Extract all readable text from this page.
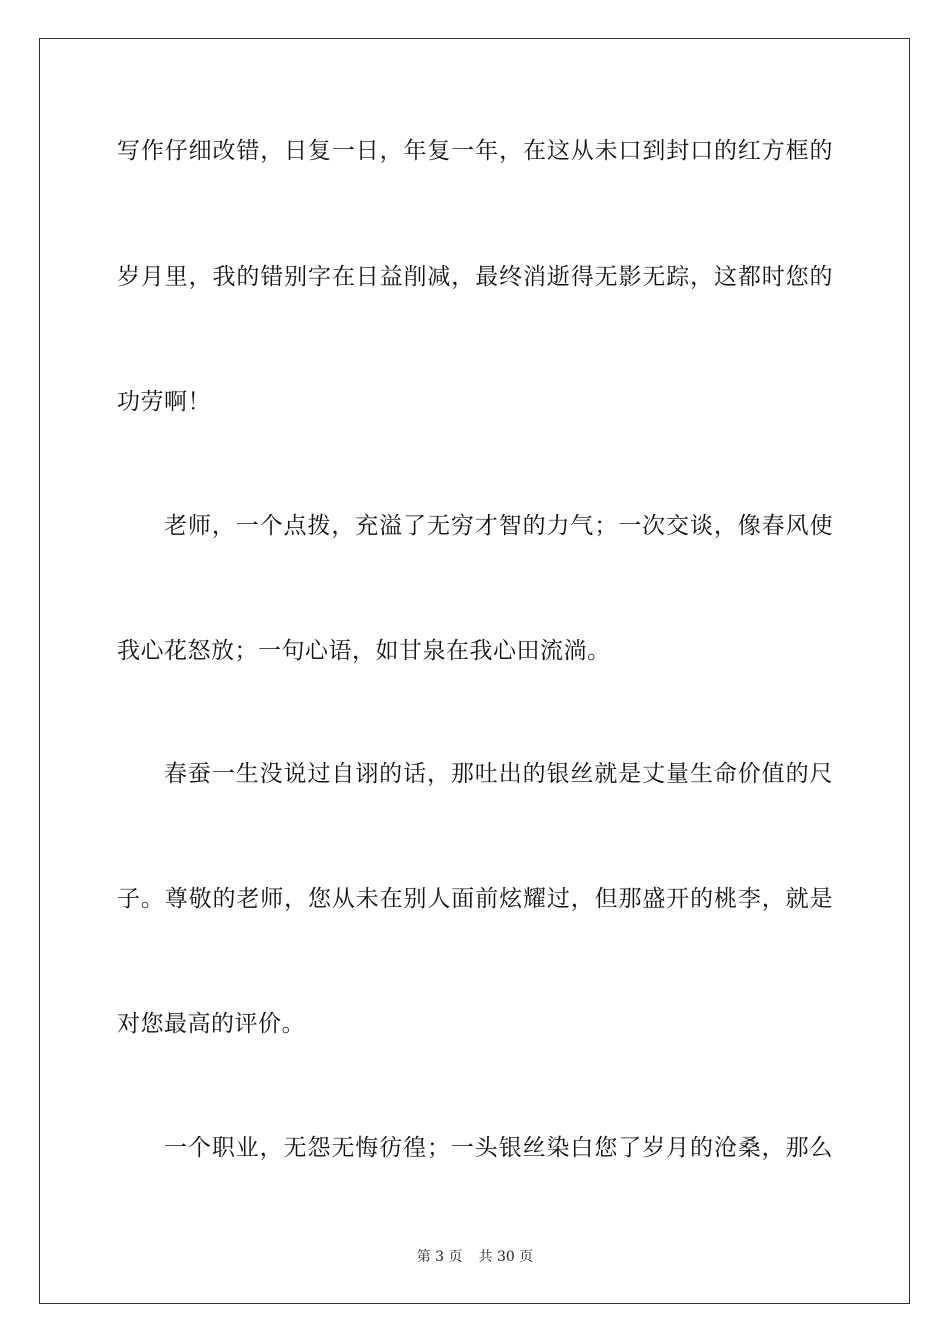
写作仔细改错，日复一日，年复一年，在这从未口到封口的红方框的
岁月里，我的错别字在日益削减，最终消逝得无影无踪，这都时您的
功劳啊！
老师，一个点拨，充溢了无穷才智的力气；一次交谈，像春风使
我心花怒放；一句心语，如甘泉在我心田流淌。
春蚕一生没说过自诩的话，那吐出的银丝就是丈量生命价值的尺
子。尊敬的老师，您从未在别人面前炫耀过，但那盛开的桃李，就是
对您最高的评价。
一个职业，无怨无悔彷徨；一头银丝染白您了岁月的沧桑，那么
第 3 页 共 30 页
